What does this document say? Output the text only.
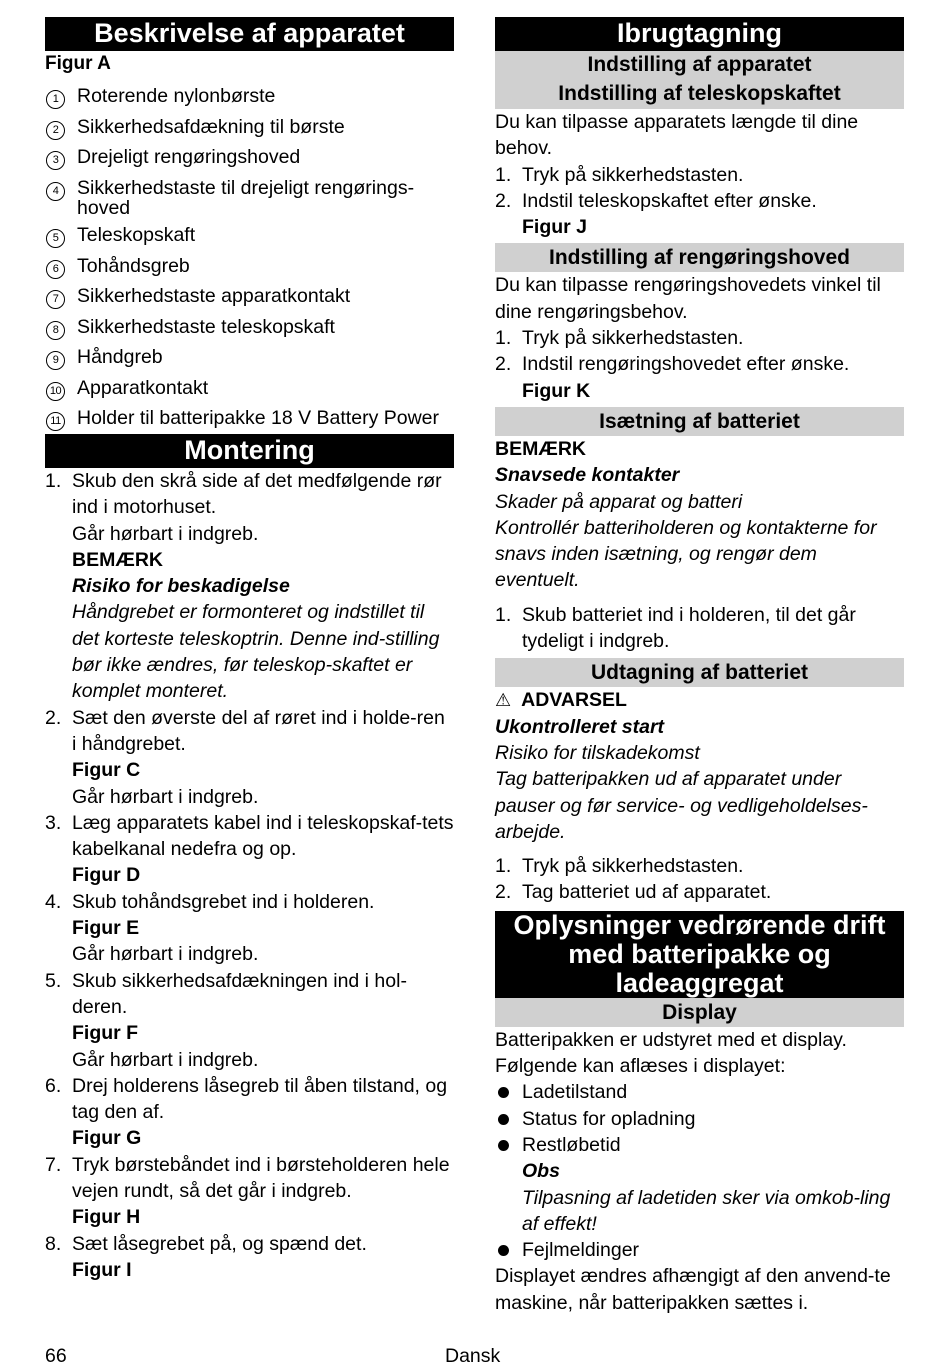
Beskrivelse af apparatet
Figur A
1 Roterende nylonbørste
2 Sikkerhedsafdækning til børste
3 Drejeligt rengøringshoved
4 Sikkerhedstaste til drejeligt rengørings-hoved
5 Teleskopskaft
6 Tohåndsgreb
7 Sikkerhedstaste apparatkontakt
8 Sikkerhedstaste teleskopskaft
9 Håndgreb
10 Apparatkontakt
11 Holder til batteripakke 18 V Battery Power
Montering
1. Skub den skrå side af det medfølgende rør ind i motorhuset.
Går hørbart i indgreb.
BEMÆRK
Risiko for beskadigelse
Håndgrebet er formonteret og indstillet til det korteste teleskoptrin. Denne ind-stilling bør ikke ændres, før teleskop-skaftet er komplet monteret.
2. Sæt den øverste del af røret ind i holde-ren i håndgrebet.
Figur C
Går hørbart i indgreb.
3. Læg apparatets kabel ind i teleskopskaf-tets kabelkanal nedefra og op.
Figur D
4. Skub tohåndsgrebet ind i holderen.
Figur E
Går hørbart i indgreb.
5. Skub sikkerhedsafdækningen ind i hol-deren.
Figur F
Går hørbart i indgreb.
6. Drej holderens låsegreb til åben tilstand, og tag den af.
Figur G
7. Tryk børstebåndet ind i børsteholderen hele vejen rundt, så det går i indgreb.
Figur H
8. Sæt låsegrebet på, og spænd det.
Figur I
Ibrugtagning
Indstilling af apparatet
Indstilling af teleskopskaftet

Du kan tilpasse apparatets længde til dine behov.

1. Tryk på sikkerhedstasten.
2. Indstil teleskopskaftet efter ønske.
Figur J
Indstilling af rengøringshoved

Du kan tilpasse rengøringshovedets vinkel til dine rengøringsbehov.

1. Tryk på sikkerhedstasten.
2. Indstil rengøringshovedet efter ønske.
Figur K
Isætning af batteriet

BEMÆRK

Snavsede kontakter

Skader på apparat og batteri

Kontrollér batteriholderen og kontakterne for snavs inden isætning, og rengør dem eventuelt.

1. Skub batteriet ind i holderen, til det går tydeligt i indgreb.
Udtagning af batteriet

⚠ ADVARSEL

Ukontrolleret start

Risiko for tilskadekomst

Tag batteripakken ud af apparatet under pauser og før service- og vedligeholdelses-arbejde.

1. Tryk på sikkerhedstasten.
2. Tag batteriet ud af apparatet.
Oplysninger vedrørende drift med batteripakke og ladeaggregat
Display

Batteripakken er udstyret med et display. Følgende kan aflæses i displayet:

Ladetilstand
Status for opladning
Restløbetid
Obs
Tilpasning af ladetiden sker via omkob-ling af effekt!
Fejlmeldinger

Displayet ændres afhængigt af den anvend-te maskine, når batteripakken sættes i.

66	Dansk
